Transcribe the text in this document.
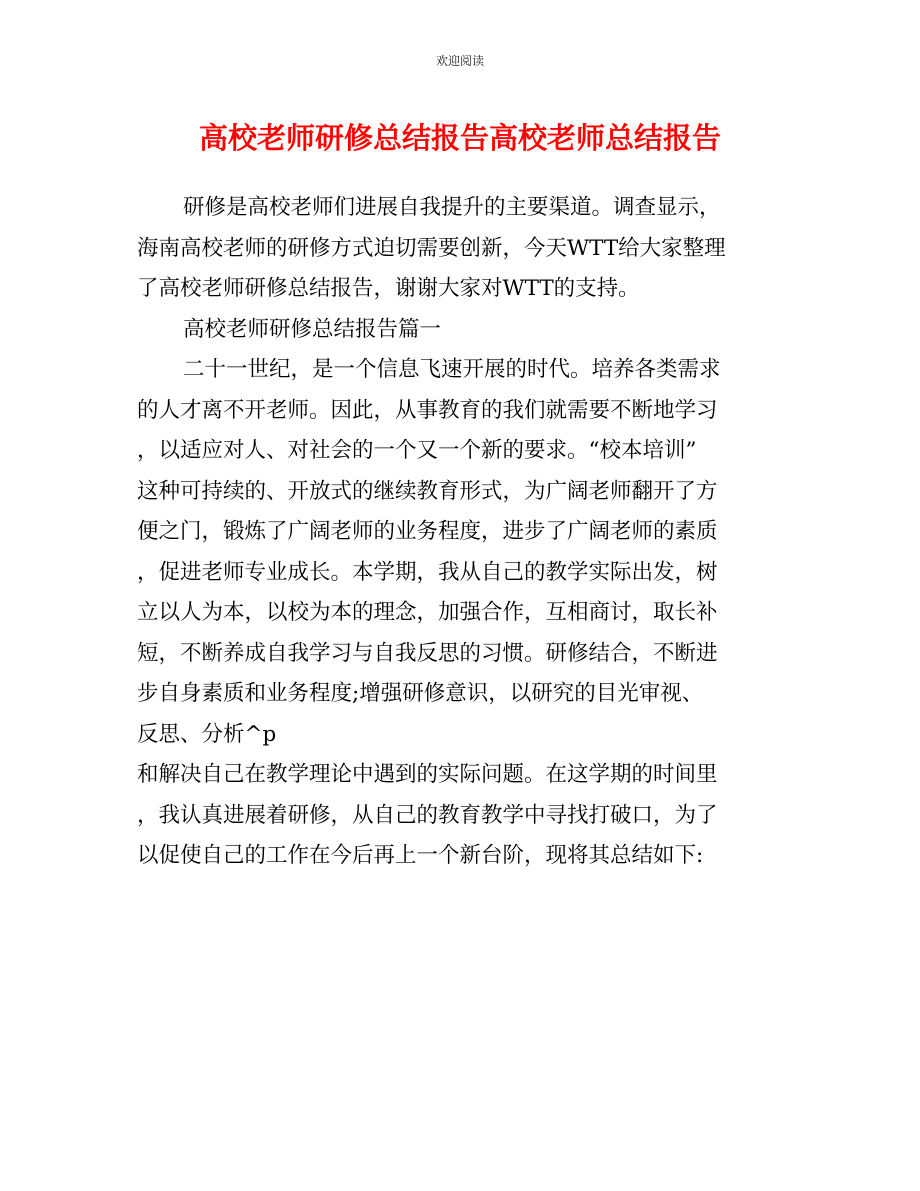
欢迎阅读
高校老师研修总结报告高校老师总结报告
研修是高校老师们进展自我提升的主要渠道。调查显示，
海南高校老师的研修方式迫切需要创新，今天WTT给大家整理
了高校老师研修总结报告，谢谢大家对WTT的支持。
高校老师研修总结报告篇一
二十一世纪，是一个信息飞速开展的时代。培养各类需求
的人才离不开老师。因此，从事教育的我们就需要不断地学习
，以适应对人、对社会的一个又一个新的要求。“校本培训”
这种可持续的、开放式的继续教育形式，为广阔老师翻开了方
便之门，锻炼了广阔老师的业务程度，进步了广阔老师的素质
，促进老师专业成长。本学期，我从自己的教学实际出发，树
立以人为本，以校为本的理念，加强合作，互相商讨，取长补
短，不断养成自我学习与自我反思的习惯。研修结合，不断进
步自身素质和业务程度;增强研修意识，以研究的目光审视、
反思、分析^p
和解决自己在教学理论中遇到的实际问题。在这学期的时间里
，我认真进展着研修，从自己的教育教学中寻找打破口，为了
以促使自己的工作在今后再上一个新台阶，现将其总结如下:
